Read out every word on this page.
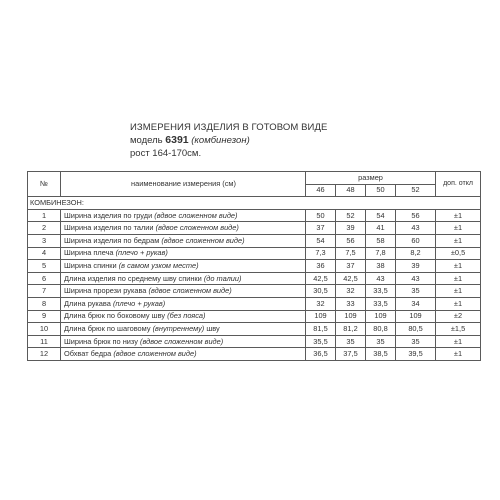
ИЗМЕРЕНИЯ ИЗДЕЛИЯ В ГОТОВОМ ВИДЕ
модель 6391 (комбинезон)
рост 164-170см.
№	наименование измерения (см)	размер				доп. откл
		46	48	50	52	
КОМБИНЕЗОН:						
1	Ширина изделия по груди (вдвое сложенном виде)	50	52	54	56	±1
2	Ширина изделия по талии (вдвое сложенном виде)	37	39	41	43	±1
3	Ширина изделия по бедрам (вдвое сложенном виде)	54	56	58	60	±1
4	Ширина плеча (плечо + рукав)	7,3	7,5	7,8	8,2	±0,5
5	Ширина спинки (в самом узком месте)	36	37	38	39	±1
6	Длина изделия по среднему шву спинки (до талии)	42,5	42,5	43	43	±1
7	Ширина прорези рукава (вдвое сложенном виде)	30,5	32	33,5	35	±1
8	Длина рукава (плечо + рукав)	32	33	33,5	34	±1
9	Длина брюк по боковому шву (без пояса)	109	109	109	109	±2
10	Длина брюк по шаговому (внутреннему) шву	81,5	81,2	80,8	80,5	±1,5
11	Ширина брюк по низу (вдвое сложенном виде)	35,5	35	35	35	±1
12	Обхват бедра (вдвое сложенном виде)	36,5	37,5	38,5	39,5	±1
